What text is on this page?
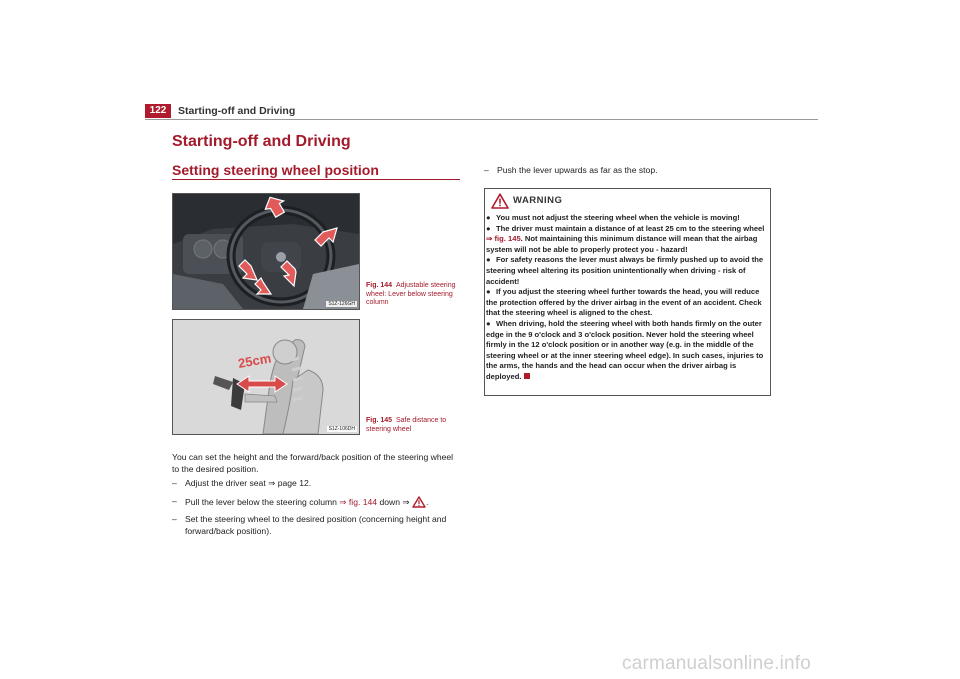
122	Starting-off and Driving
Starting-off and Driving
Setting steering wheel position
S1Z-126GH
Fig. 144 Adjustable steering wheel: Lever below steering column
25cm
S1Z-106DH
Fig. 145 Safe distance to steering wheel
You can set the height and the forward/back position of the steering wheel to the desired position.
– Adjust the driver seat ⇒ page 12.
– Pull the lever below the steering column ⇒ fig. 144 down ⇒ .
– Set the steering wheel to the desired position (concerning height and forward/back position).
– Push the lever upwards as far as the stop.
WARNING
● You must not adjust the steering wheel when the vehicle is moving!
● The driver must maintain a distance of at least 25 cm to the steering wheel ⇒ fig. 145. Not maintaining this minimum distance will mean that the airbag system will not be able to properly protect you - hazard!
● For safety reasons the lever must always be firmly pushed up to avoid the steering wheel altering its position unintentionally when driving - risk of accident!
● If you adjust the steering wheel further towards the head, you will reduce the protection offered by the driver airbag in the event of an accident. Check that the steering wheel is aligned to the chest.
● When driving, hold the steering wheel with both hands firmly on the outer edge in the 9 o'clock and 3 o'clock position. Never hold the steering wheel firmly in the 12 o'clock position or in another way (e.g. in the middle of the steering wheel or at the inner steering wheel edge). In such cases, injuries to the arms, the hands and the head can occur when the driver airbag is deployed.
carmanualsonline.info
